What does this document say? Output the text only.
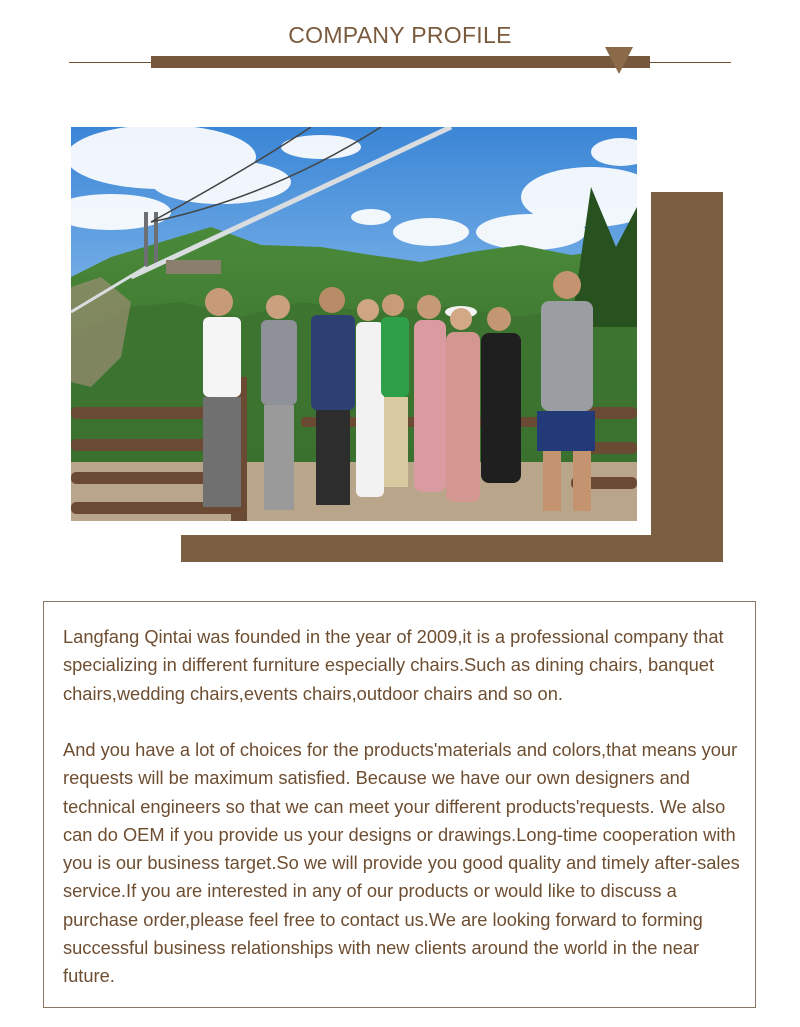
COMPANY PROFILE

Langfang Qintai was founded in the year of 2009,it is a professional company that specializing in different furniture especially chairs.Such as dining chairs, banquet chairs,wedding chairs,events chairs,outdoor chairs and so on.

And you have a lot of choices for the products'materials and colors,that means your requests will be maximum satisfied. Because we have our own designers and technical engineers so that we can meet your different products'requests. We also can do OEM if you provide us your designs or drawings.Long-time cooperation with you is our business target.So we will provide you good quality and timely after-sales service.If you are interested in any of our products or would like to discuss a purchase order,please feel free to contact us.We are looking forward to forming successful business relationships with new clients around the world in the near future.
